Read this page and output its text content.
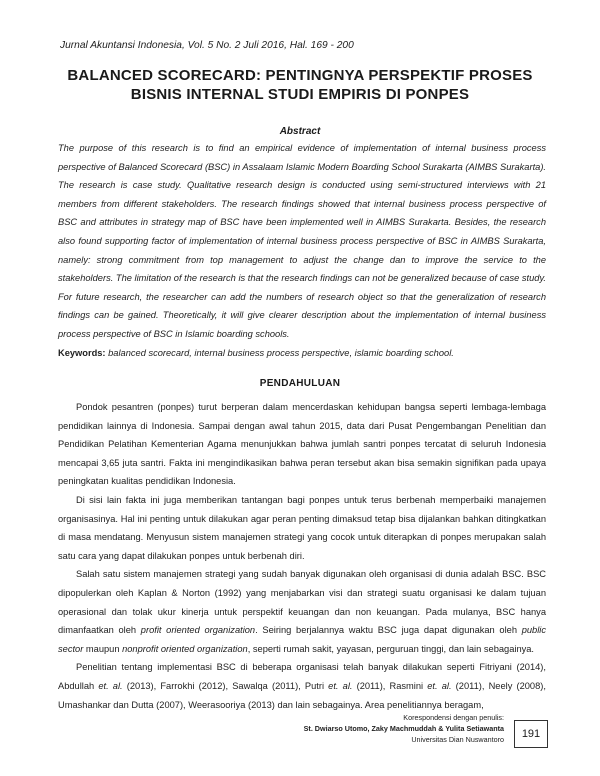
Jurnal Akuntansi Indonesia, Vol. 5 No. 2 Juli 2016, Hal. 169 - 200
BALANCED SCORECARD: PENTINGNYA PERSPEKTIF PROSES
BISNIS INTERNAL STUDI EMPIRIS DI PONPES
Abstract
The purpose of this research is to find an empirical evidence of implementation of internal business process perspective of Balanced Scorecard (BSC) in Assalaam Islamic Modern Boarding School Surakarta (AIMBS Surakarta). The research is case study. Qualitative research design is conducted using semi-structured interviews with 21 members from different stakeholders. The research findings showed that internal business process perspective of BSC and attributes in strategy map of BSC have been implemented well in AIMBS Surakarta. Besides, the research also found supporting factor of implementation of internal business process perspective of BSC in AIMBS Surakarta, namely: strong commitment from top management to adjust the change dan to improve the service to the stakeholders. The limitation of the research is that the research findings can not be generalized because of case study. For future research, the researcher can add the numbers of research object so that the generalization of research findings can be gained. Theoretically, it will give clearer description about the implementation of internal business process perspective of BSC in Islamic boarding schools.
Keywords: balanced scorecard, internal business process perspective, islamic boarding school.
PENDAHULUAN

Pondok pesantren (ponpes) turut berperan dalam mencerdaskan kehidupan bangsa seperti lembaga-lembaga pendidikan lainnya di Indonesia. Sampai dengan awal tahun 2015, data dari Pusat Pengembangan Penelitian dan Pendidikan Pelatihan Kementerian Agama menunjukkan bahwa jumlah santri ponpes tercatat di seluruh Indonesia mencapai 3,65 juta santri. Fakta ini mengindikasikan bahwa peran tersebut akan bisa semakin signifikan pada upaya peningkatan kualitas pendidikan Indonesia.

Di sisi lain fakta ini juga memberikan tantangan bagi ponpes untuk terus berbenah memperbaiki manajemen organisasinya. Hal ini penting untuk dilakukan agar peran penting dimaksud tetap bisa dijalankan bahkan ditingkatkan di masa mendatang. Menyusun sistem manajemen strategi yang cocok untuk diterapkan di ponpes merupakan salah satu cara yang dapat dilakukan ponpes untuk berbenah diri.

Salah satu sistem manajemen strategi yang sudah banyak digunakan oleh organisasi di dunia adalah BSC. BSC dipopulerkan oleh Kaplan & Norton (1992) yang menjabarkan visi dan strategi suatu organisasi ke dalam tujuan operasional dan tolak ukur kinerja untuk perspektif keuangan dan non keuangan. Pada mulanya, BSC hanya dimanfaatkan oleh profit oriented organization. Seiring berjalannya waktu BSC juga dapat digunakan oleh public sector maupun nonprofit oriented organization, seperti rumah sakit, yayasan, perguruan tinggi, dan lain sebagainya.

Penelitian tentang implementasi BSC di beberapa organisasi telah banyak dilakukan seperti Fitriyani (2014), Abdullah et. al. (2013), Farrokhi (2012), Sawalqa (2011), Putri et. al. (2011), Rasmini et. al. (2011), Neely (2008), Umashankar dan Dutta (2007), Weerasooriya (2013) dan lain sebagainya. Area penelitiannya beragam,

Korespondensi dengan penulis:
St. Dwiarso Utomo, Zaky Machmuddah & Yulita Setiawanta
Universitas Dian Nuswantoro	191
